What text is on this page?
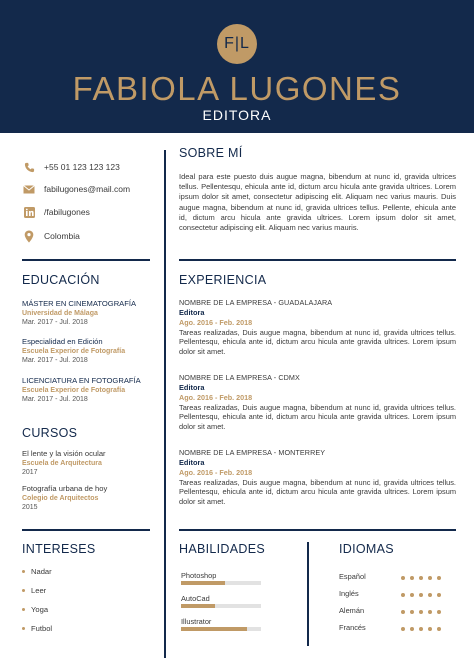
F|L
FABIOLA LUGONES
EDITORA
+55 01 123 123 123
fabilugones@mail.com
/fabilugones
Colombia
SOBRE MÍ
Ideal para este puesto duis augue magna, bibendum at nunc id, gravida ultrices tellus. Pellentesqu, ehicula ante id, dictum arcu hicula ante gravida ultrices. Lorem ipsum dolor sit amet, consectetur adipiscing elit. Aliquam nec varius mauris. Duis augue magna, bibendum at nunc id, gravida ultrices tellus. Pellente, ehicula ante id, dictum arcu hicula ante gravida ultrices. Lorem ipsum dolor sit amet, consectetur adipiscing elit. Aliquam nec varius mauris.
EDUCACIÓN
MÁSTER EN CINEMATOGRAFÍA
Universidad de Málaga
Mar. 2017 - Jul. 2018
Especialidad en Edición
Escuela Experior de Fotografía
Mar. 2017 - Jul. 2018
LICENCIATURA EN FOTOGRAFÍA
Escuela Experior de Fotografía
Mar. 2017 - Jul. 2018
CURSOS
El lente y la visión ocular
Escuela de Arquitectura
2017
Fotografía urbana de hoy
Colegio de Arquitectos
2015
EXPERIENCIA
NOMBRE DE LA EMPRESA - GUADALAJARA
Editora
Ago. 2016 - Feb. 2018
Tareas realizadas, Duis augue magna, bibendum at nunc id, gravida ultrices tellus. Pellentesqu, ehicula ante id, dictum arcu hicula ante gravida ultrices. Lorem ipsum dolor sit amet.
NOMBRE DE LA EMPRESA - CDMX
Editora
Ago. 2016 - Feb. 2018
Tareas realizadas, Duis augue magna, bibendum at nunc id, gravida ultrices tellus. Pellentesqu, ehicula ante id, dictum arcu hicula ante gravida ultrices. Lorem ipsum dolor sit amet.
NOMBRE DE LA EMPRESA - MONTERREY
Editora
Ago. 2016 - Feb. 2018
Tareas realizadas, Duis augue magna, bibendum at nunc id, gravida ultrices tellus. Pellentesqu, ehicula ante id, dictum arcu hicula ante gravida ultrices. Lorem ipsum dolor sit amet.
INTERESES
Nadar
Leer
Yoga
Futbol
HABILIDADES
Photoshop
AutoCad
Illustrator
IDIOMAS
Español
Inglés
Alemán
Francés
